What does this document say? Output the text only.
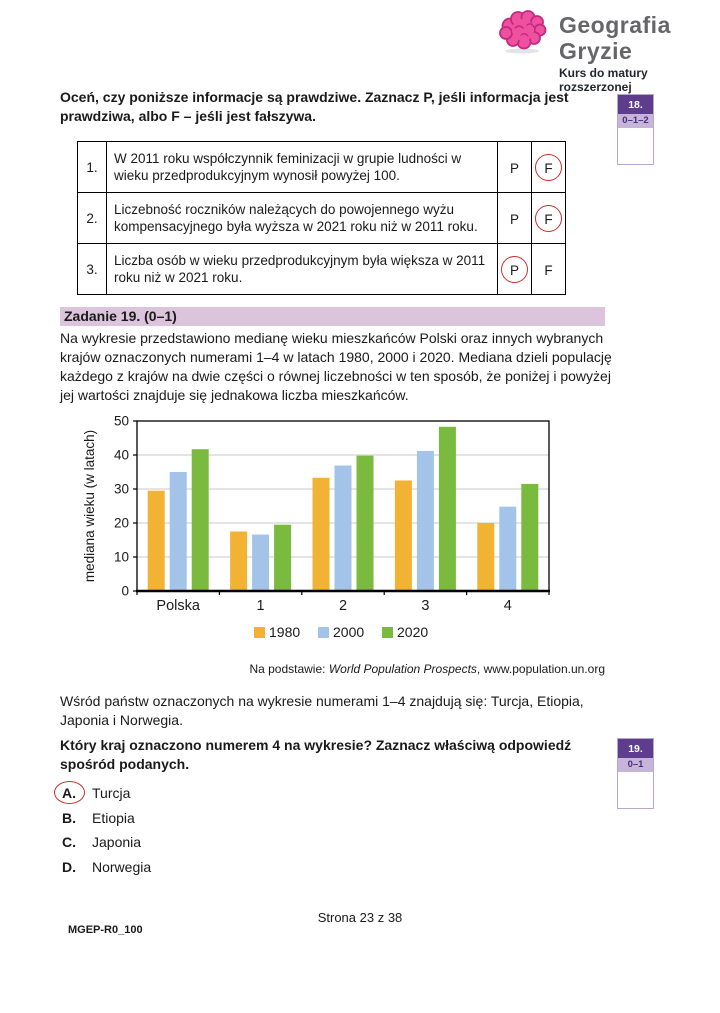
Geografia Gryzie
Kurs do matury rozszerzonej
Oceń, czy poniższe informacje są prawdziwe. Zaznacz P, jeśli informacja jest prawdziwa, albo F – jeśli jest fałszywa.
18.
0–1–2
1.	W 2011 roku współczynnik feminizacji w grupie ludności w wieku przedprodukcyjnym wynosił powyżej 100.	P	F
2.	Liczebność roczników należących do powojennego wyżu kompensacyjnego była wyższa w 2021 roku niż w 2011 roku.	P	F
3.	Liczba osób w wieku przedprodukcyjnym była większa w 2011 roku niż w 2021 roku.	P	F
Zadanie 19. (0–1)
Na wykresie przedstawiono medianę wieku mieszkańców Polski oraz innych wybranych krajów oznaczonych numerami 1–4 w latach 1980, 2000 i 2020. Mediana dzieli populację każdego z krajów na dwie części o równej liczebności w ten sposób, że poniżej i powyżej jej wartości znajduje się jednakowa liczba mieszkańców.
0
10
20
30
40
50
Polska	1	2	3	4
mediana wieku (w latach)
1980 2000 2020
Na podstawie: World Population Prospects, www.population.un.org
Wśród państw oznaczonych na wykresie numerami 1–4 znajdują się: Turcja, Etiopia, Japonia i Norwegia.
Który kraj oznaczono numerem 4 na wykresie? Zaznacz właściwą odpowiedź spośród podanych.
19.
0–1
A.	Turcja
B.	Etiopia
C.	Japonia
D.	Norwegia
Strona 23 z 38
MGEP-R0_100
